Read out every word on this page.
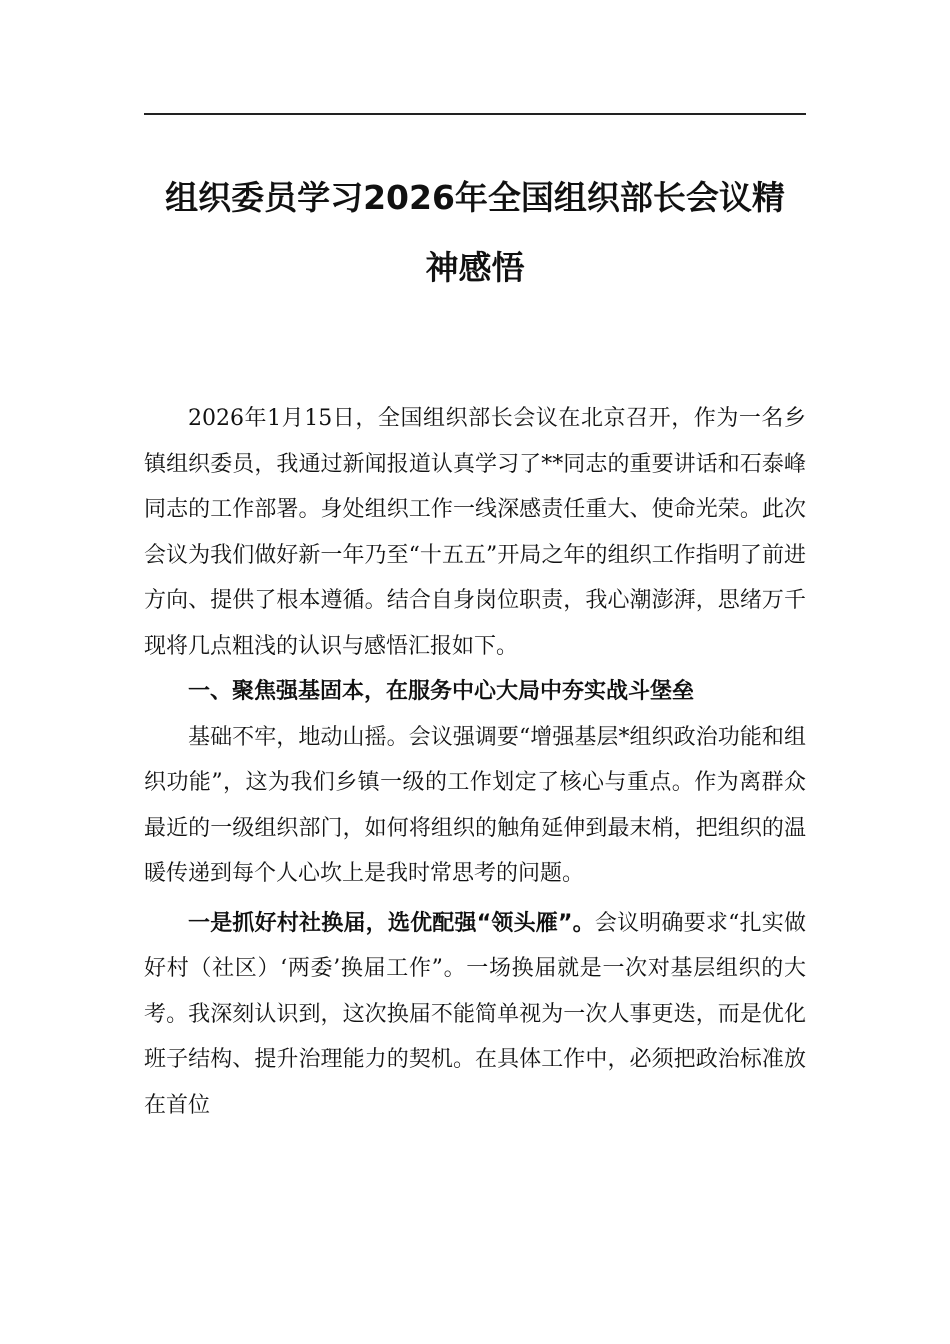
组织委员学习2026年全国组织部长会议精
神感悟

2026年1月15日，全国组织部长会议在北京召开，作为一名乡镇组织委员，我通过新闻报道认真学习了**同志的重要讲话和石泰峰同志的工作部署。身处组织工作一线深感责任重大、使命光荣。此次会议为我们做好新一年乃至“十五五”开局之年的组织工作指明了前进方向、提供了根本遵循。结合自身岗位职责，我心潮澎湃，思绪万千现将几点粗浅的认识与感悟汇报如下。

一、聚焦强基固本，在服务中心大局中夯实战斗堡垒

基础不牢，地动山摇。会议强调要“增强基层*组织政治功能和组织功能”，这为我们乡镇一级的工作划定了核心与重点。作为离群众最近的一级组织部门，如何将组织的触角延伸到最末梢，把组织的温暖传递到每个人心坎上是我时常思考的问题。

一是抓好村社换届，选优配强“领头雁”。会议明确要求“扎实做好村（社区）‘两委’换届工作”。一场换届就是一次对基层组织的大考。我深刻认识到，这次换届不能简单视为一次人事更迭，而是优化班子结构、提升治理能力的契机。在具体工作中，必须把政治标准放在首位
